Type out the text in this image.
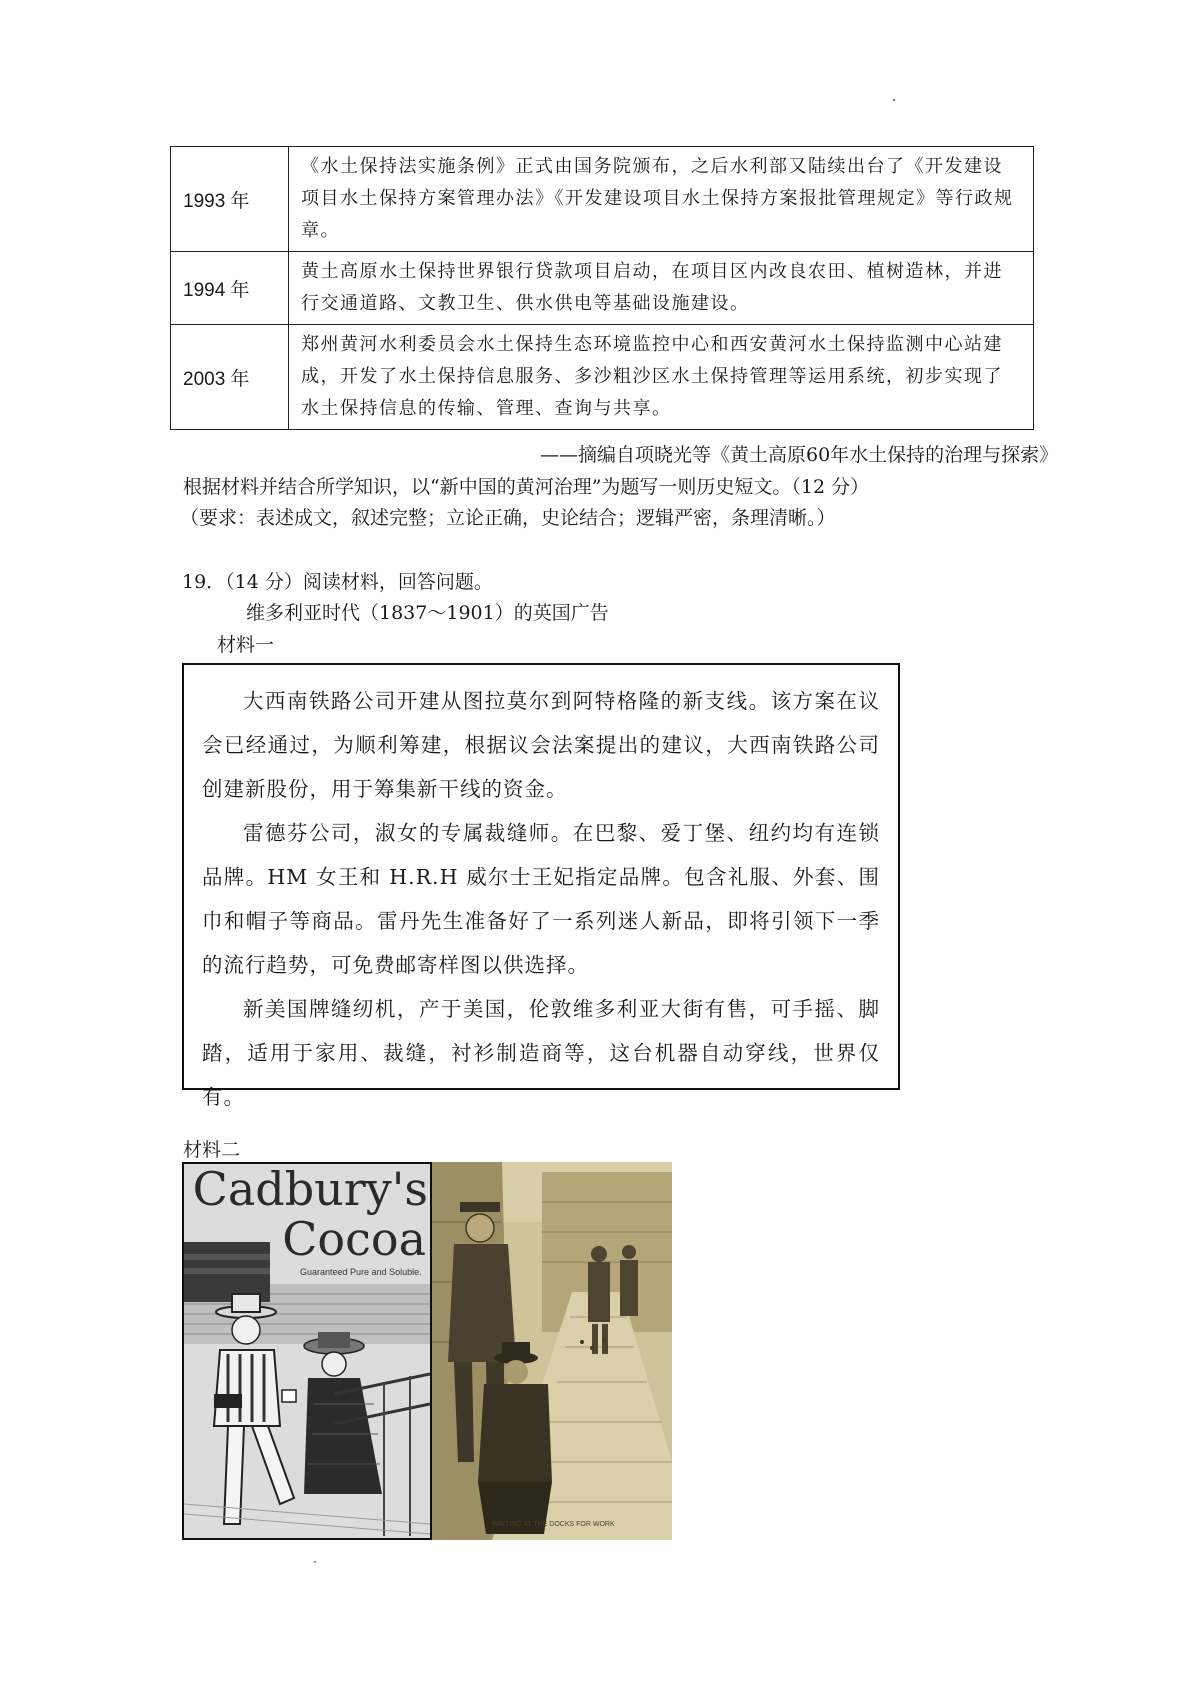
1993 年	《水土保持法实施条例》正式由国务院颁布，之后水利部又陆续出台了《开发建设项目水土保持方案管理办法》《开发建设项目水土保持方案报批管理规定》等行政规章。
1994 年	黄土高原水土保持世界银行贷款项目启动，在项目区内改良农田、植树造林，并进行交通道路、文教卫生、供水供电等基础设施建设。
2003 年	郑州黄河水利委员会水土保持生态环境监控中心和西安黄河水土保持监测中心站建成，开发了水土保持信息服务、多沙粗沙区水土保持管理等运用系统，初步实现了水土保持信息的传输、管理、查询与共享。
——摘编自项晓光等《黄土高原60年水土保持的治理与探索》
根据材料并结合所学知识，以“新中国的黄河治理”为题写一则历史短文。（12 分）
（要求：表述成文，叙述完整；立论正确，史论结合；逻辑严密，条理清晰。）
19．（14 分）阅读材料，回答问题。
维多利亚时代（1837～1901）的英国广告
材料一

大西南铁路公司开建从图拉莫尔到阿特格隆的新支线。该方案在议会已经通过，为顺利筹建，根据议会法案提出的建议，大西南铁路公司创建新股份，用于筹集新干线的资金。

雷德芬公司，淑女的专属裁缝师。在巴黎、爱丁堡、纽约均有连锁品牌。HM 女王和 H.R.H 威尔士王妃指定品牌。包含礼服、外套、围巾和帽子等商品。雷丹先生准备好了一系列迷人新品，即将引领下一季的流行趋势，可免费邮寄样图以供选择。

新美国牌缝纫机，产于美国，伦敦维多利亚大街有售，可手摇、脚踏，适用于家用、裁缝，衬衫制造商等，这台机器自动穿线，世界仅有。

材料二
Cadbury's
Cocoa
Guaranteed Pure and Soluble.
WAITING AT THE DOCKS FOR WORK
